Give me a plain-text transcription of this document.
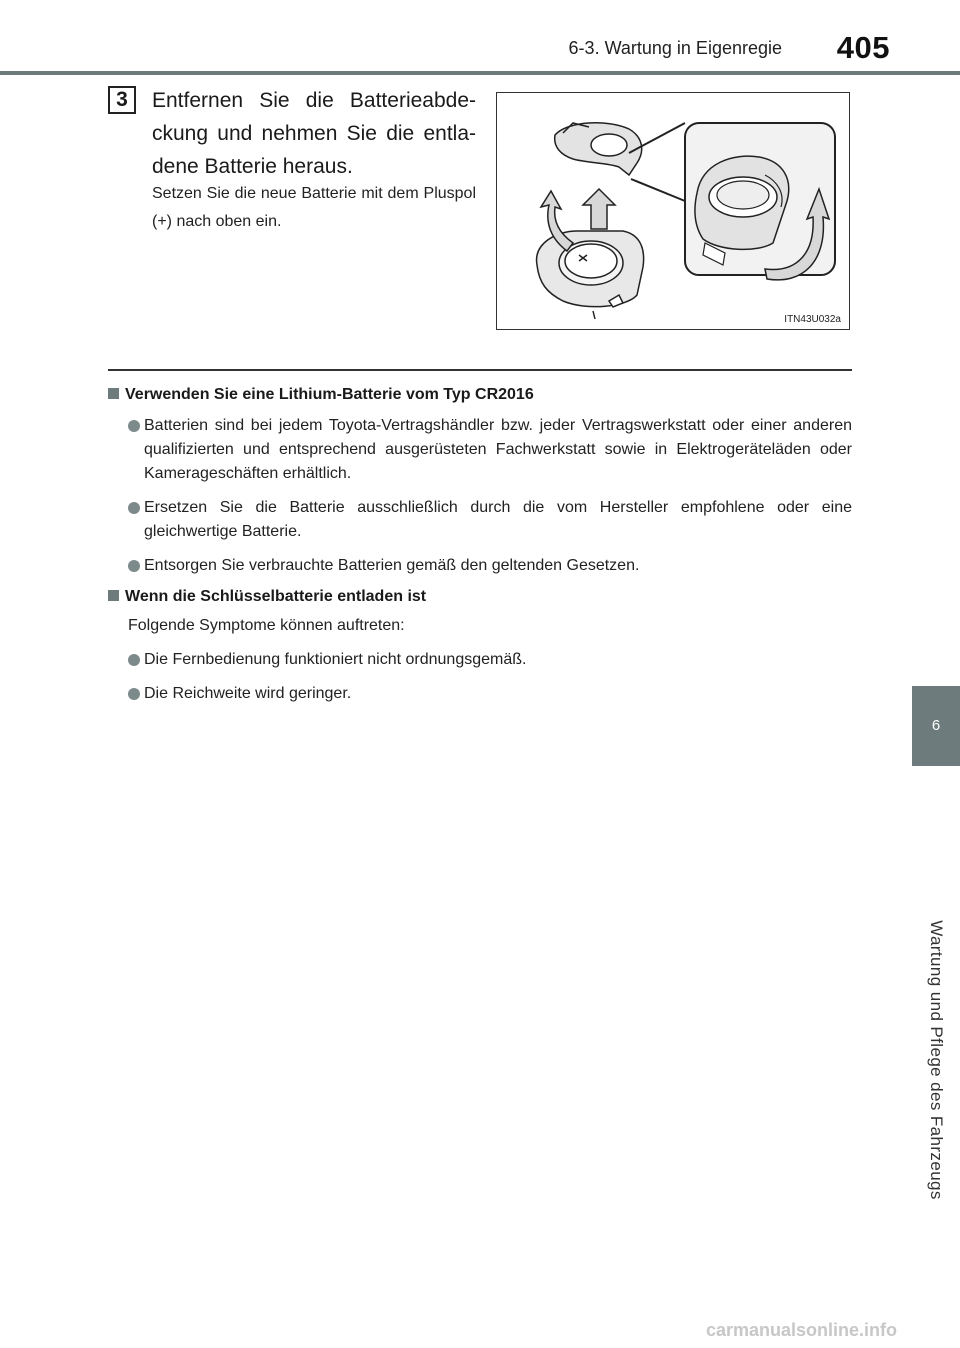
6-3. Wartung in Eigenregie	405
6
Wartung und Pflege des Fahrzeugs
3	Entfernen Sie die Batterieabde-ckung und nehmen Sie die entla-dene Batterie heraus.
Setzen Sie die neue Batterie mit dem Pluspol (+) nach oben ein.
ITN43U032a
Verwenden Sie eine Lithium-Batterie vom Typ CR2016
Batterien sind bei jedem Toyota-Vertragshändler bzw. jeder Vertragswerkstatt oder einer anderen qualifizierten und entsprechend ausgerüsteten Fachwerkstatt sowie in Elektrogeräteläden oder Kamerageschäften erhältlich.
Ersetzen Sie die Batterie ausschließlich durch die vom Hersteller empfohlene oder eine gleichwertige Batterie.
Entsorgen Sie verbrauchte Batterien gemäß den geltenden Gesetzen.
Wenn die Schlüsselbatterie entladen ist
Folgende Symptome können auftreten:
Die Fernbedienung funktioniert nicht ordnungsgemäß.
Die Reichweite wird geringer.
carmanualsonline.info
